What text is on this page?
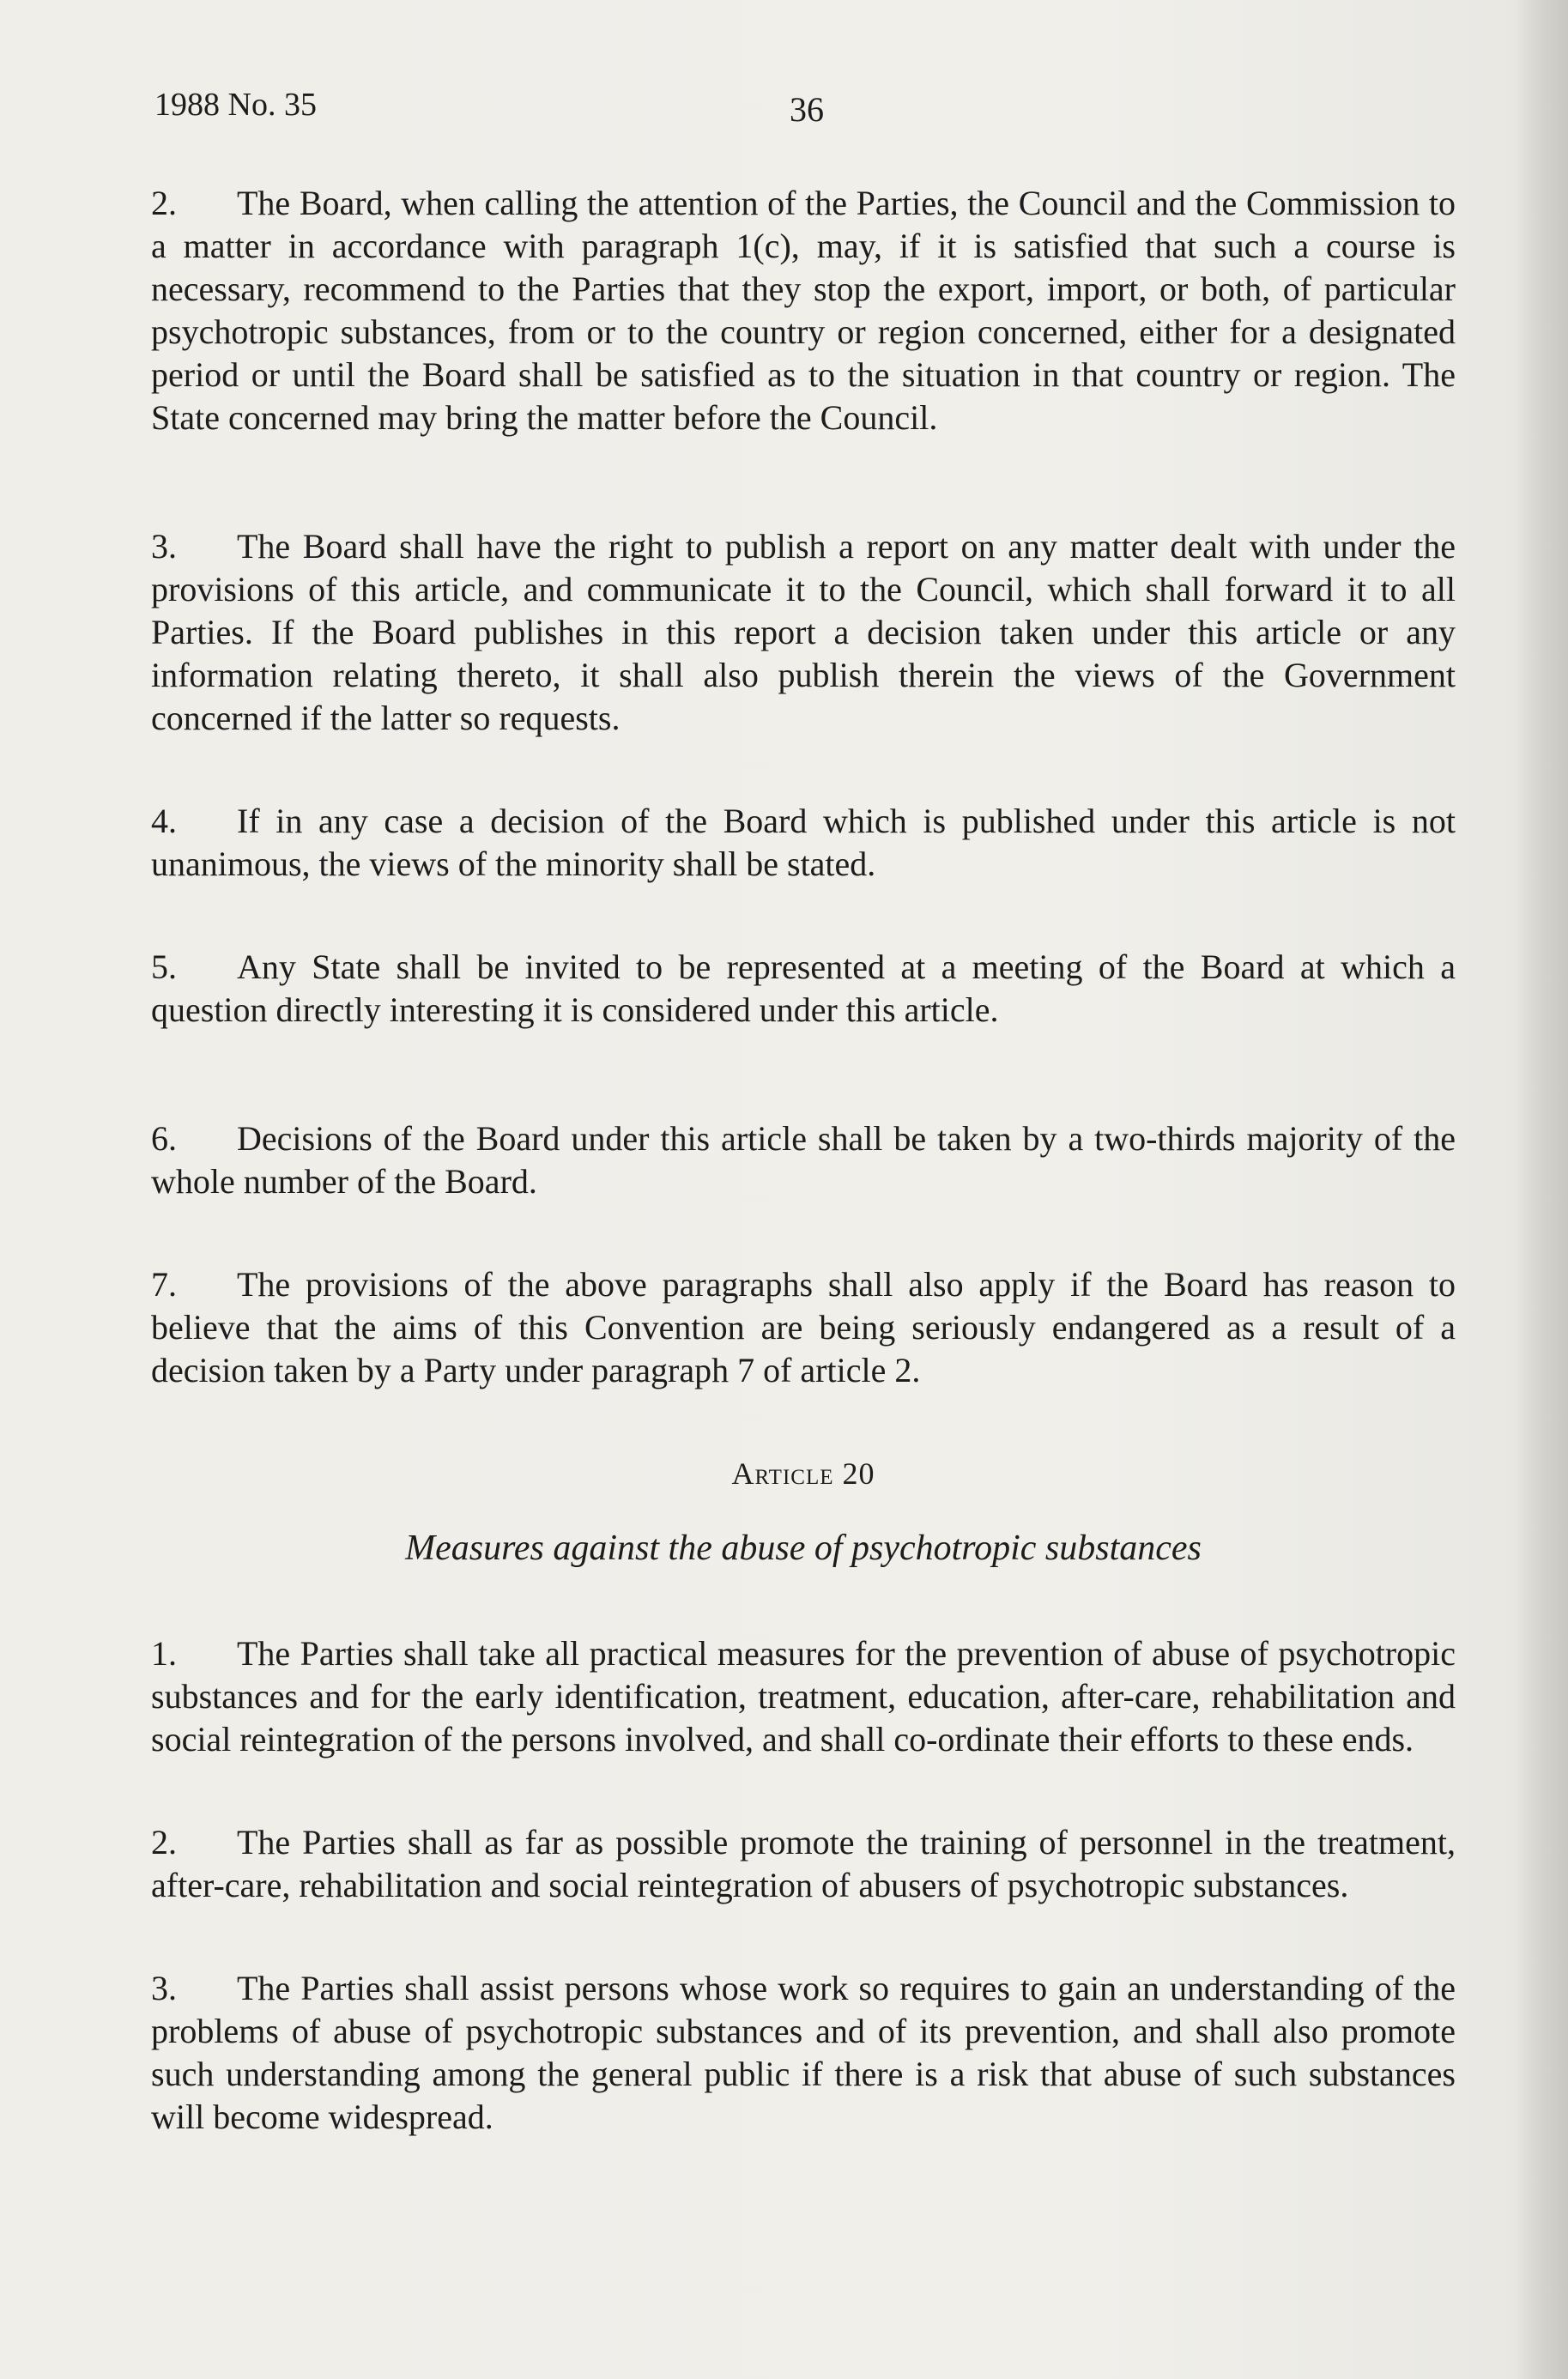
1988 No. 35	36

2. The Board, when calling the attention of the Parties, the Council and the Commission to a matter in accordance with paragraph 1(c), may, if it is satisfied that such a course is necessary, recommend to the Parties that they stop the export, import, or both, of particular psychotropic substances, from or to the country or region concerned, either for a designated period or until the Board shall be satisfied as to the situation in that country or region. The State concerned may bring the matter before the Council.

3. The Board shall have the right to publish a report on any matter dealt with under the provisions of this article, and communicate it to the Council, which shall forward it to all Parties. If the Board publishes in this report a decision taken under this article or any information relating thereto, it shall also publish therein the views of the Government concerned if the latter so requests.

4. If in any case a decision of the Board which is published under this article is not unanimous, the views of the minority shall be stated.

5. Any State shall be invited to be represented at a meeting of the Board at which a question directly interesting it is considered under this article.

6. Decisions of the Board under this article shall be taken by a two-thirds majority of the whole number of the Board.

7. The provisions of the above paragraphs shall also apply if the Board has reason to believe that the aims of this Convention are being seriously endangered as a result of a decision taken by a Party under paragraph 7 of article 2.

Article 20

Measures against the abuse of psychotropic substances

1. The Parties shall take all practical measures for the prevention of abuse of psychotropic substances and for the early identification, treatment, education, after-care, rehabilitation and social reintegration of the persons involved, and shall co-ordinate their efforts to these ends.

2. The Parties shall as far as possible promote the training of personnel in the treatment, after-care, rehabilitation and social reintegration of abusers of psychotropic substances.

3. The Parties shall assist persons whose work so requires to gain an understanding of the problems of abuse of psychotropic substances and of its prevention, and shall also promote such understanding among the general public if there is a risk that abuse of such substances will become widespread.
